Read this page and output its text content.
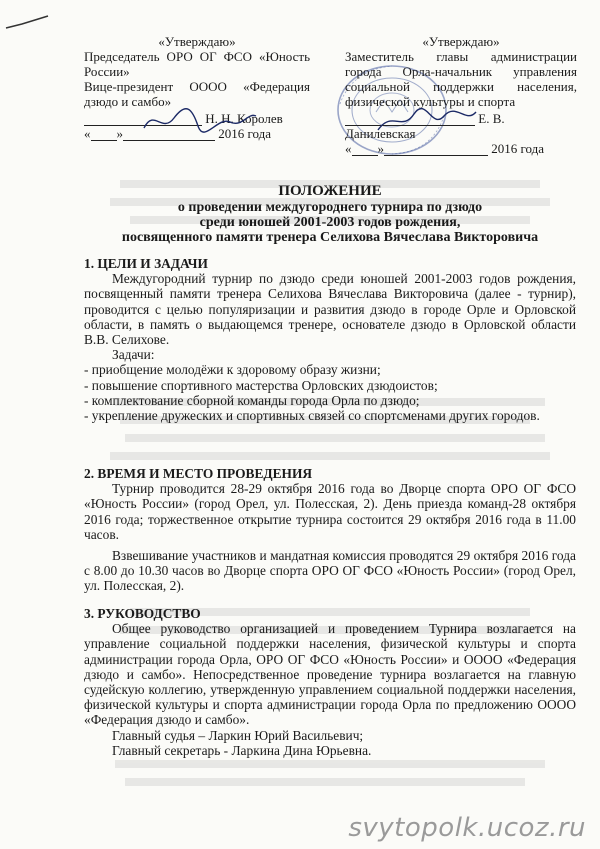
«Утверждаю»
Председатель ОРО ОГ ФСО «Юность России»
Вице-президент ОООО «Федерация дзюдо и самбо»
Н. Н. Королев
« »	2016 года
«Утверждаю»
Заместитель главы администрации города Орла-начальник управления социальной поддержки населения, физической культуры и спорта
Е. В. Данилевская
« »	2016 года
ПОЛОЖЕНИЕ
о проведении междугороднего турнира по дзюдо
среди юношей 2001-2003 годов рождения,
посвященного памяти тренера Селихова Вячеслава Викторовича

1. ЦЕЛИ И ЗАДАЧИ

Междугородний турнир по дзюдо среди юношей 2001-2003 годов рождения, посвященный памяти тренера Селихова Вячеслава Викторовича (далее - турнир), проводится с целью популяризации и развития дзюдо в городе Орле и Орловской области, в память о выдающемся тренере, основателе дзюдо в Орловской области В.В. Селихове.

Задачи:

- приобщение молодёжи к здоровому образу жизни;

- повышение спортивного мастерства Орловских дзюдоистов;

- комплектование сборной команды города Орла по дзюдо;

- укрепление дружеских и спортивных связей со спортсменами других городов.

2. ВРЕМЯ И МЕСТО ПРОВЕДЕНИЯ

Турнир проводится 28-29 октября 2016 года во Дворце спорта ОРО ОГ ФСО «Юность России» (город Орел, ул. Полесская, 2). День приезда команд-28 октября 2016 года; торжественное открытие турнира состоится 29 октября 2016 года в 11.00 часов.

Взвешивание участников и мандатная комиссия проводятся 29 октября 2016 года с 8.00 до 10.30 часов во Дворце спорта ОРО ОГ ФСО «Юность России» (город Орел, ул. Полесская, 2).

3. РУКОВОДСТВО

Общее руководство организацией и проведением Турнира возлагается на управление социальной поддержки населения, физической культуры и спорта администрации города Орла, ОРО ОГ ФСО «Юность России» и ОООО «Федерация дзюдо и самбо». Непосредственное проведение турнира возлагается на главную судейскую коллегию, утвержденную управлением социальной поддержки населения, физической культуры и спорта администрации города Орла по предложению ОООО «Федерация дзюдо и самбо».

Главный судья – Ларкин Юрий Васильевич;

Главный секретарь - Ларкина Дина Юрьевна.

svytopolk.ucoz.ru
